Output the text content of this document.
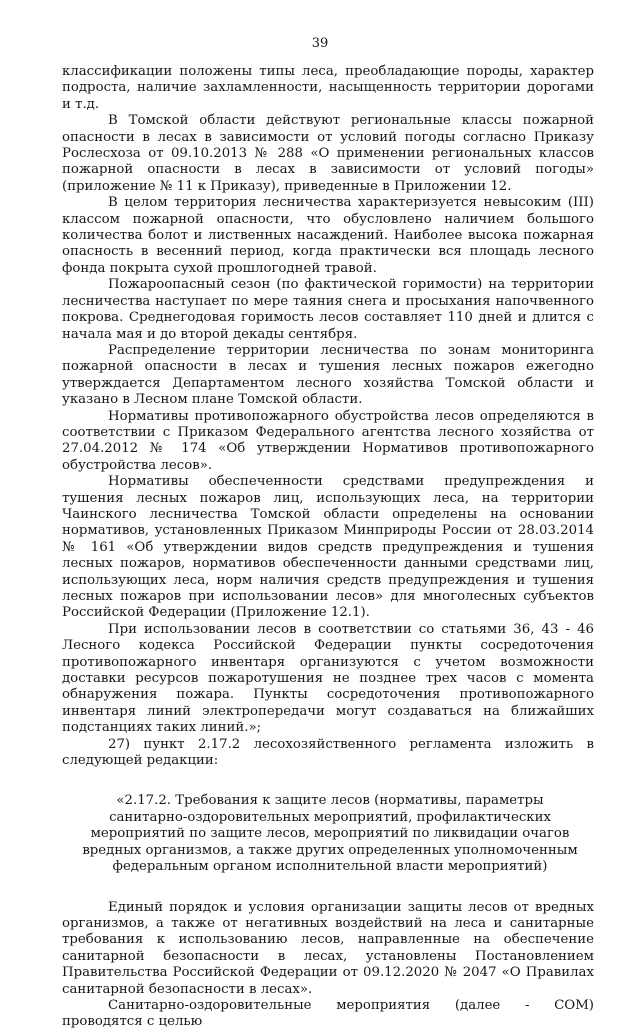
39

классификации положены типы леса, преобладающие породы, характер подроста, наличие захламленности, насыщенность территории дорогами и т.д.

В Томской области действуют региональные классы пожарной опасности в лесах в зависимости от условий погоды согласно Приказу Рослесхоза от 09.10.2013 № 288 «О применении региональных классов пожарной опасности в лесах в зависимости от условий погоды» (приложение № 11 к Приказу), приведенные в Приложении 12.

В целом территория лесничества характеризуется невысоким (III) классом пожарной опасности, что обусловлено наличием большого количества болот и лиственных насаждений. Наиболее высока пожарная опасность в весенний период, когда практически вся площадь лесного фонда покрыта сухой прошлогодней травой.

Пожароопасный сезон (по фактической горимости) на территории лесничества наступает по мере таяния снега и просыхания напочвенного покрова. Среднегодовая горимость лесов составляет 110 дней и длится с начала мая и до второй декады сентября.

Распределение территории лесничества по зонам мониторинга пожарной опасности в лесах и тушения лесных пожаров ежегодно утверждается Департаментом лесного хозяйства Томской области и указано в Лесном плане Томской области.

Нормативы противопожарного обустройства лесов определяются в соответствии с Приказом Федерального агентства лесного хозяйства от 27.04.2012 № 174 «Об утверждении Нормативов противопожарного обустройства лесов».

Нормативы обеспеченности средствами предупреждения и тушения лесных пожаров лиц, использующих леса, на территории Чаинского лесничества Томской области определены на основании нормативов, установленных Приказом Минприроды России от 28.03.2014 № 161 «Об утверждении видов средств предупреждения и тушения лесных пожаров, нормативов обеспеченности данными средствами лиц, использующих леса, норм наличия средств предупреждения и тушения лесных пожаров при использовании лесов» для многолесных субъектов Российской Федерации (Приложение 12.1).

При использовании лесов в соответствии со статьями 36, 43 - 46 Лесного кодекса Российской Федерации пункты сосредоточения противопожарного инвентаря организуются с учетом возможности доставки ресурсов пожаротушения не позднее трех часов с момента обнаружения пожара. Пункты сосредоточения противопожарного инвентаря линий электропередачи могут создаваться на ближайших подстанциях таких линий.»;

27) пункт 2.17.2 лесохозяйственного регламента изложить в следующей редакции:

«2.17.2. Требования к защите лесов (нормативы, параметры санитарно-оздоровительных мероприятий, профилактических мероприятий по защите лесов, мероприятий по ликвидации очагов вредных организмов, а также других определенных уполномоченным федеральным органом исполнительной власти мероприятий)

Единый порядок и условия организации защиты лесов от вредных организмов, а также от негативных воздействий на леса и санитарные требования к использованию лесов, направленные на обеспечение санитарной безопасности в лесах, установлены Постановлением Правительства Российской Федерации от 09.12.2020 № 2047 «О Правилах санитарной безопасности в лесах».

Санитарно-оздоровительные мероприятия (далее - СОМ) проводятся с целью
